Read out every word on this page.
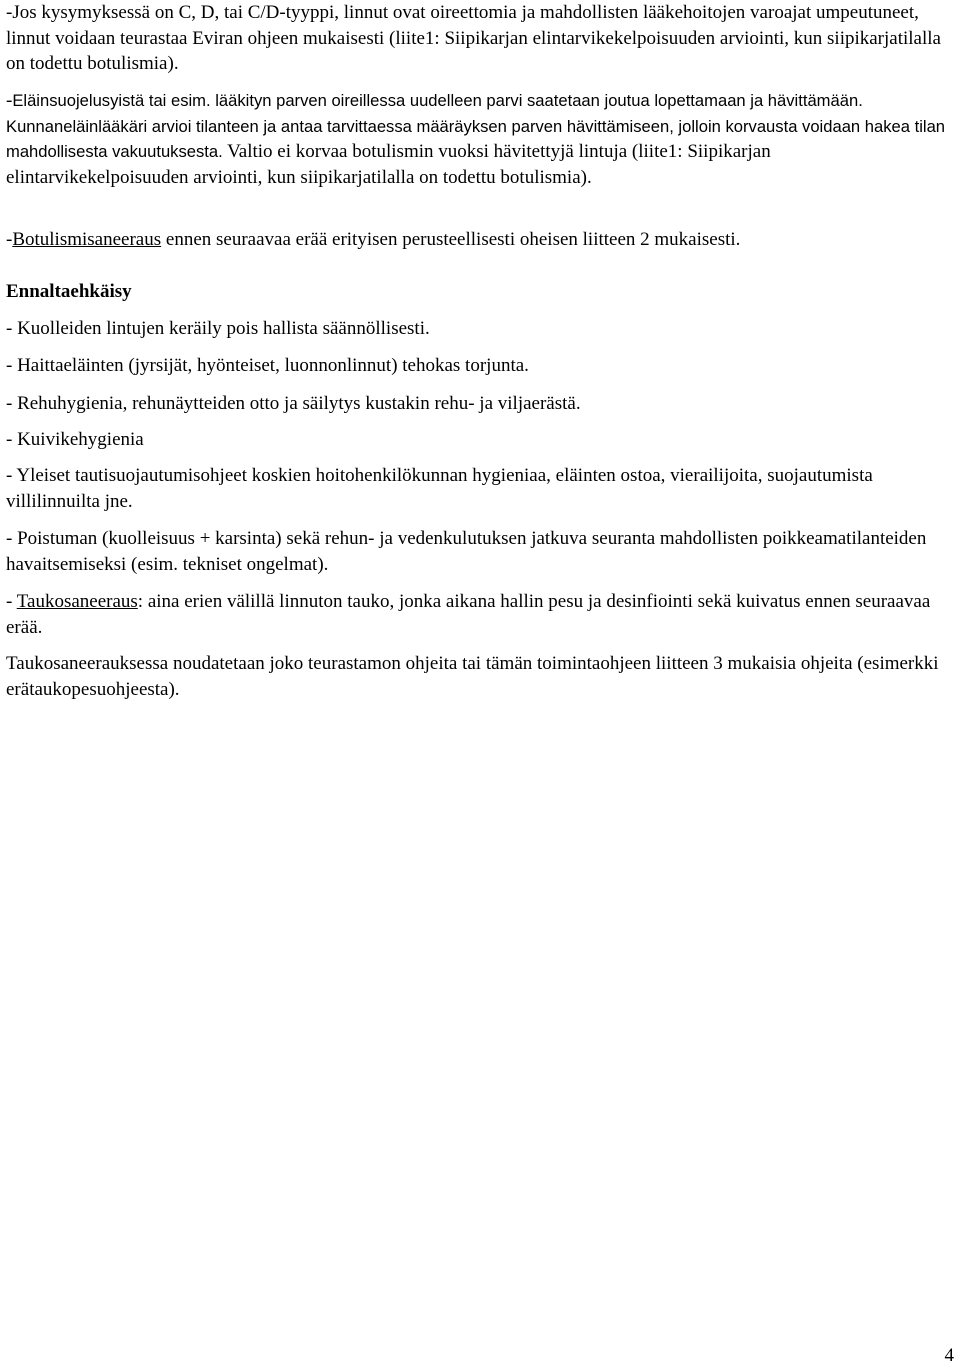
-Jos kysymyksessä on C, D, tai C/D-tyyppi, linnut ovat oireettomia ja mahdollisten lääkehoitojen varoajat umpeutuneet, linnut voidaan teurastaa Eviran ohjeen mukaisesti (liite1: Siipikarjan elintarvikekelpoisuuden arviointi, kun siipikarjatilalla on todettu botulismia).

-Eläinsuojelusyistä tai esim. lääkityn parven oireillessa uudelleen parvi saatetaan joutua lopettamaan ja hävittämään. Kunnaneläinlääkäri arvioi tilanteen ja antaa tarvittaessa määräyksen parven hävittämiseen, jolloin korvausta voidaan hakea tilan mahdollisesta vakuutuksesta. Valtio ei korvaa botulismin vuoksi hävitettyjä lintuja (liite1: Siipikarjan elintarvikekelpoisuuden arviointi, kun siipikarjatilalla on todettu botulismia).

-Botulismisaneeraus ennen seuraavaa erää erityisen perusteellisesti oheisen liitteen 2 mukaisesti.

Ennaltaehkäisy

- Kuolleiden lintujen keräily pois hallista säännöllisesti.

- Haittaeläinten (jyrsijät, hyönteiset, luonnonlinnut) tehokas torjunta.

- Rehuhygienia, rehunäytteiden otto ja säilytys kustakin rehu- ja viljaerästä.

- Kuivikehygienia

- Yleiset tautisuojautumisohjeet koskien hoitohenkilökunnan hygieniaa, eläinten ostoa, vierailijoita, suojautumista villilinnuilta jne.

- Poistuman (kuolleisuus + karsinta) sekä rehun- ja vedenkulutuksen jatkuva seuranta mahdollisten poikkeamatilanteiden havaitsemiseksi (esim. tekniset ongelmat).

- Taukosaneeraus: aina erien välillä linnuton tauko, jonka aikana hallin pesu ja desinfiointi sekä kuivatus ennen seuraavaa erää.

Taukosaneerauksessa noudatetaan joko teurastamon ohjeita tai tämän toimintaohjeen liitteen 3 mukaisia ohjeita (esimerkki erätaukopesuohjeesta).

4
